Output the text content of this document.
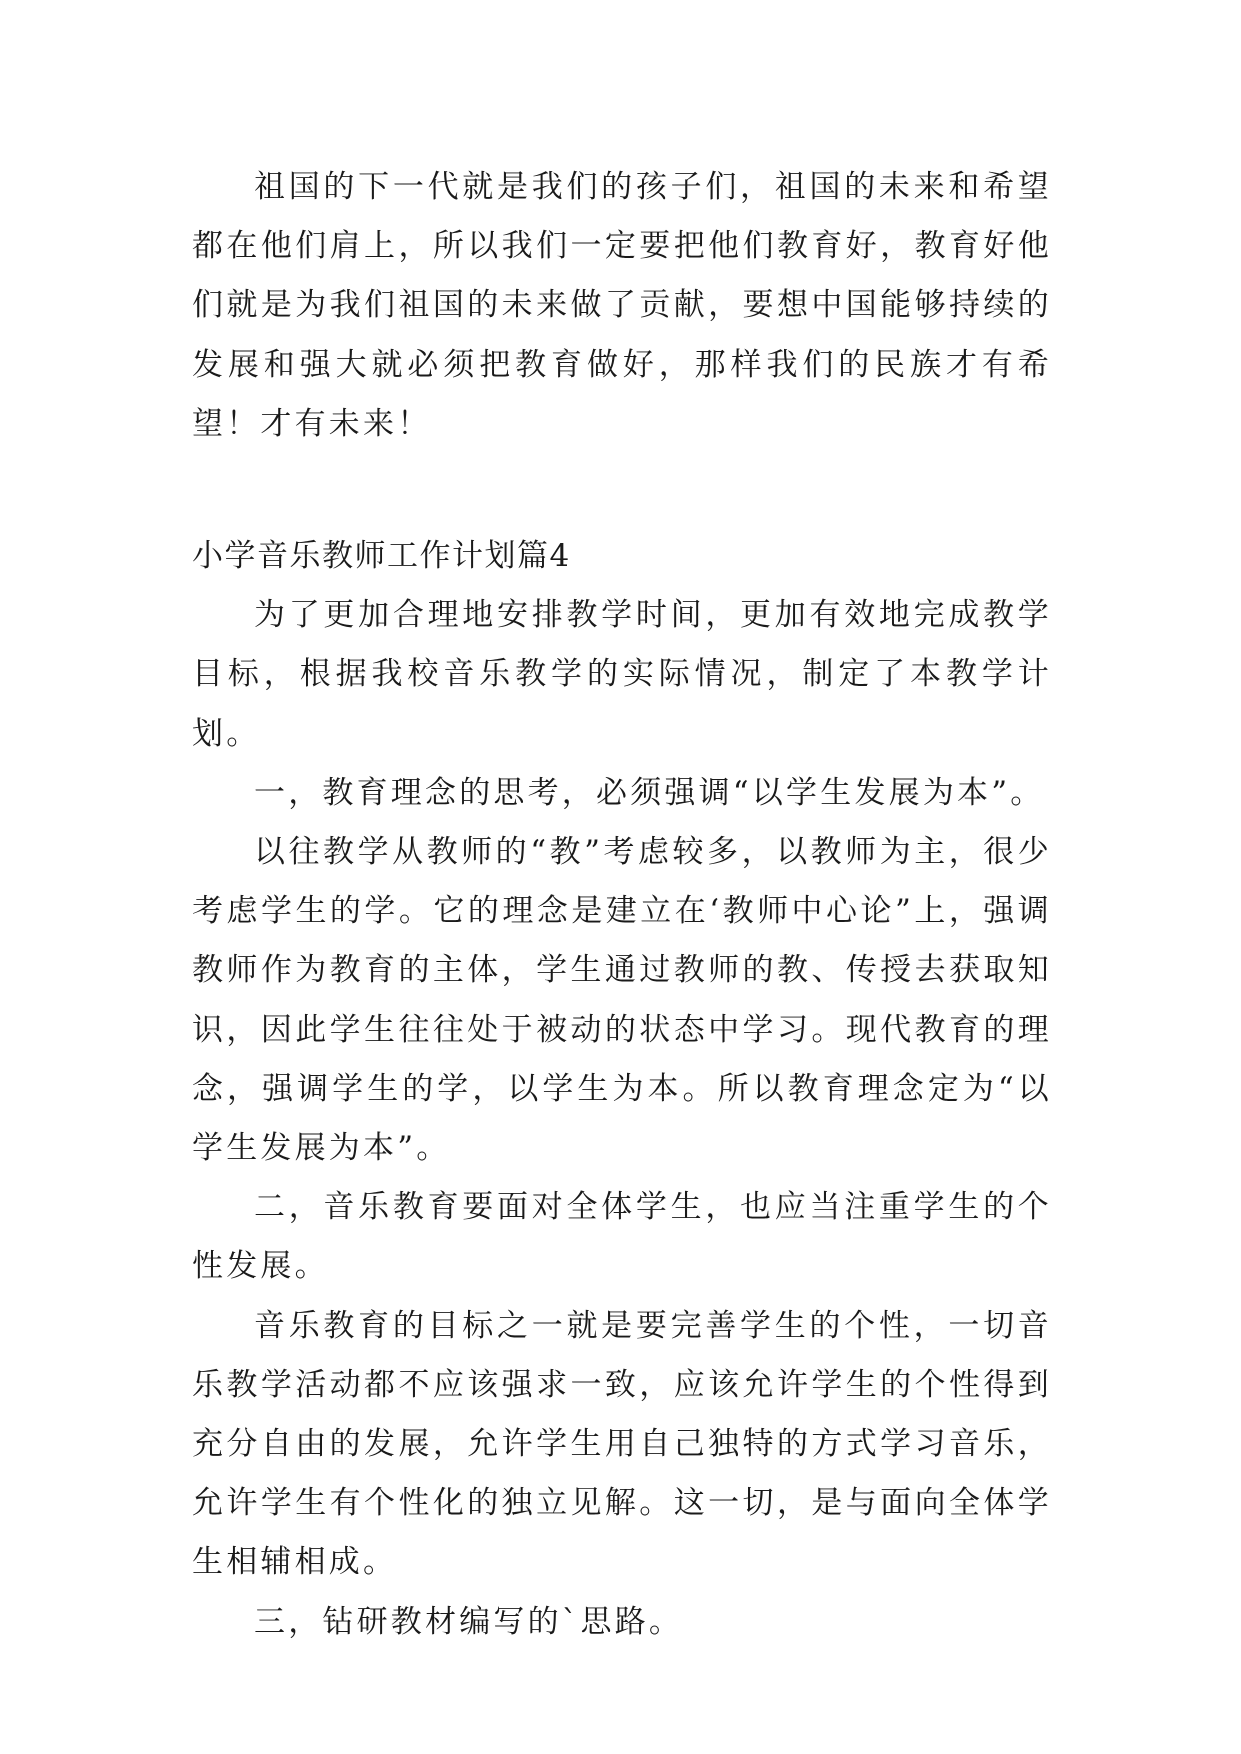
祖国的下一代就是我们的孩子们，祖国的未来和希望都在他们肩上，所以我们一定要把他们教育好，教育好他们就是为我们祖国的未来做了贡献，要想中国能够持续的发展和强大就必须把教育做好，那样我们的民族才有希望！才有未来！

小学音乐教师工作计划篇4

为了更加合理地安排教学时间，更加有效地完成教学目标，根据我校音乐教学的实际情况，制定了本教学计划。

一，教育理念的思考，必须强调“以学生发展为本”。

以往教学从教师的“教”考虑较多，以教师为主，很少考虑学生的学。它的理念是建立在‘教师中心论”上，强调教师作为教育的主体，学生通过教师的教、传授去获取知识，因此学生往往处于被动的状态中学习。现代教育的理念，强调学生的学，以学生为本。所以教育理念定为“以学生发展为本”。

二，音乐教育要面对全体学生，也应当注重学生的个性发展。

音乐教育的目标之一就是要完善学生的个性，一切音乐教学活动都不应该强求一致，应该允许学生的个性得到充分自由的发展，允许学生用自己独特的方式学习音乐，允许学生有个性化的独立见解。这一切，是与面向全体学生相辅相成。

三，钻研教材编写的`思路。
